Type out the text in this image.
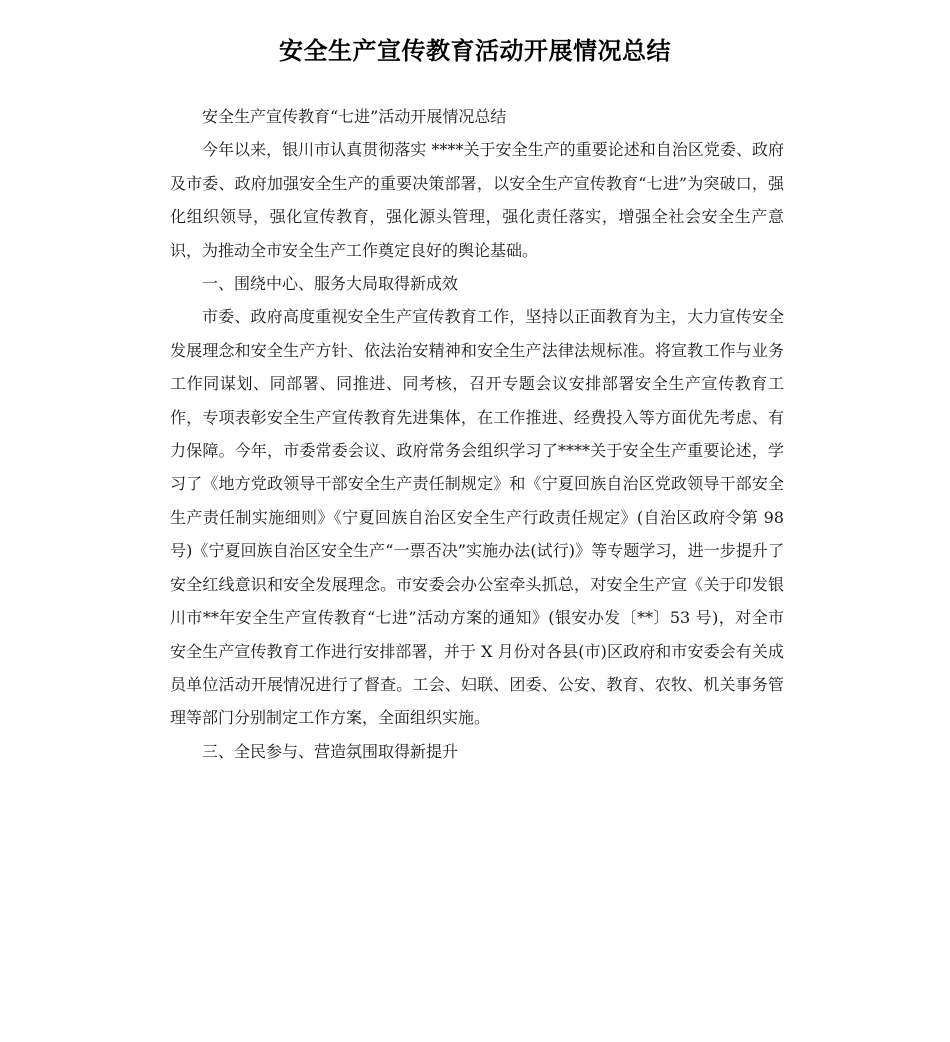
安全生产宣传教育活动开展情况总结

安全生产宣传教育“七进”活动开展情况总结

今年以来，银川市认真贯彻落实 ****关于安全生产的重要论述和自治区党委、政府及市委、政府加强安全生产的重要决策部署，以安全生产宣传教育“七进”为突破口，强化组织领导，强化宣传教育，强化源头管理，强化责任落实，增强全社会安全生产意识，为推动全市安全生产工作奠定良好的舆论基础。

一、围绕中心、服务大局取得新成效

市委、政府高度重视安全生产宣传教育工作，坚持以正面教育为主，大力宣传安全发展理念和安全生产方针、依法治安精神和安全生产法律法规标准。将宣教工作与业务工作同谋划、同部署、同推进、同考核，召开专题会议安排部署安全生产宣传教育工作，专项表彰安全生产宣传教育先进集体，在工作推进、经费投入等方面优先考虑、有力保障。今年，市委常委会议、政府常务会组织学习了****关于安全生产重要论述，学习了《地方党政领导干部安全生产责任制规定》和《宁夏回族自治区党政领导干部安全生产责任制实施细则》《宁夏回族自治区安全生产行政责任规定》(自治区政府令第 98 号)《宁夏回族自治区安全生产“一票否决”实施办法(试行)》等专题学习，进一步提升了安全红线意识和安全发展理念。市安委会办公室牵头抓总，对安全生产宣《关于印发银川市**年安全生产宣传教育“七进”活动方案的通知》(银安办发〔**〕53 号)，对全市安全生产宣传教育工作进行安排部署，并于 X 月份对各县(市)区政府和市安委会有关成员单位活动开展情况进行了督查。工会、妇联、团委、公安、教育、农牧、机关事务管理等部门分别制定工作方案，全面组织实施。

三、全民参与、营造氛围取得新提升
